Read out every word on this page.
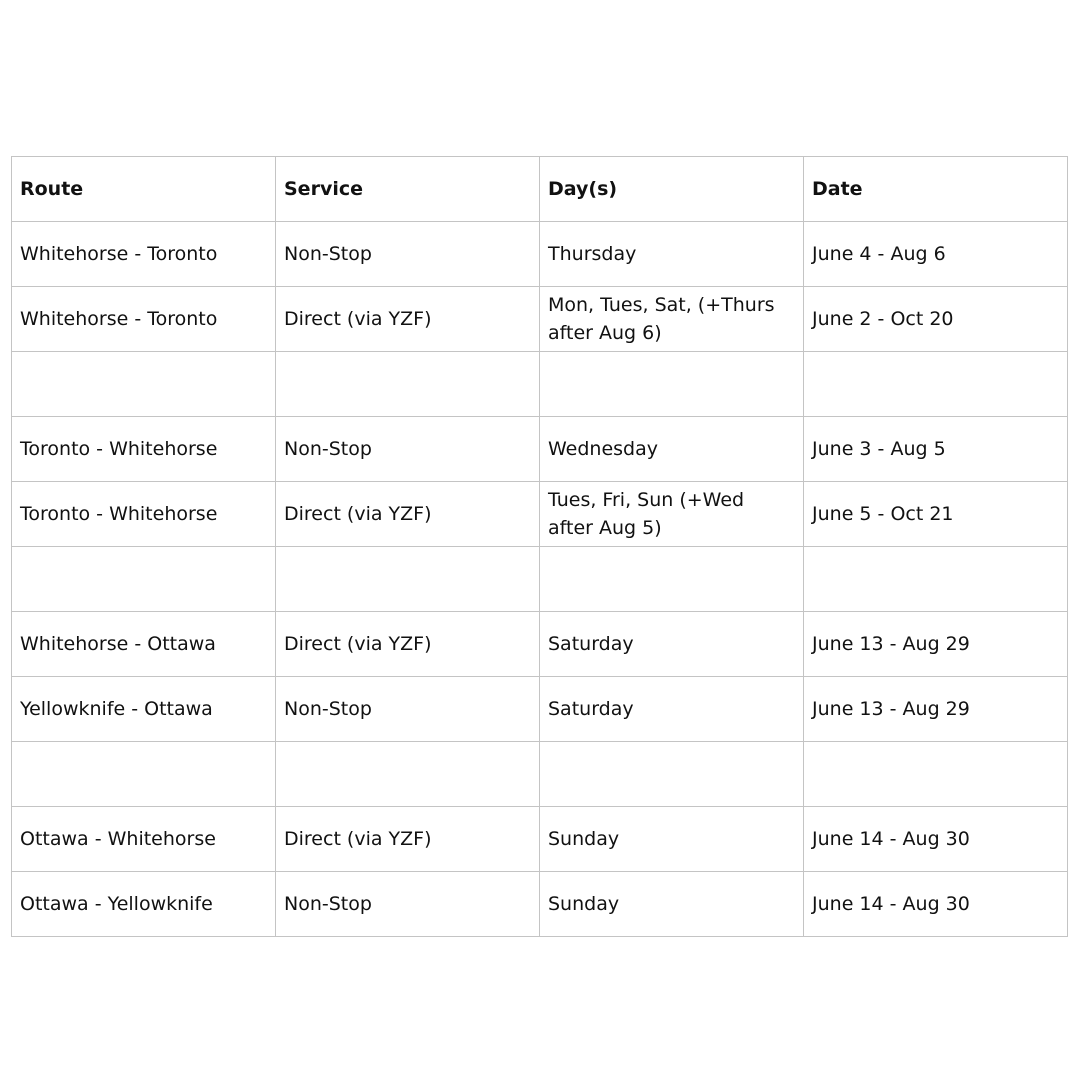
Route	Service	Day(s)	Date
Whitehorse - Toronto	Non-Stop	Thursday	June 4 - Aug 6
Whitehorse - Toronto	Direct (via YZF)	Mon, Tues, Sat, (+Thurs after Aug 6)	June 2 - Oct 20

Toronto - Whitehorse	Non-Stop	Wednesday	June 3 - Aug 5
Toronto - Whitehorse	Direct (via YZF)	Tues, Fri, Sun (+Wed after Aug 5)	June 5 - Oct 21

Whitehorse - Ottawa	Direct (via YZF)	Saturday	June 13 - Aug 29
Yellowknife - Ottawa	Non-Stop	Saturday	June 13 - Aug 29

Ottawa - Whitehorse	Direct (via YZF)	Sunday	June 14 - Aug 30
Ottawa - Yellowknife	Non-Stop	Sunday	June 14 - Aug 30
